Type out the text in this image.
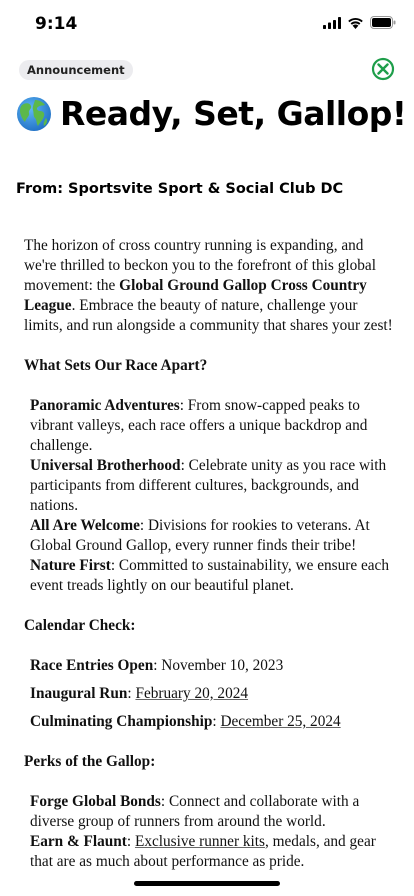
9:14
Announcement
Ready, Set, Gallop!
From: Sportsvite Sport & Social Club DC

The horizon of cross country running is expanding, and we're thrilled to beckon you to the forefront of this global movement: the Global Ground Gallop Cross Country League. Embrace the beauty of nature, challenge your limits, and run alongside a community that shares your zest!

What Sets Our Race Apart?

Panoramic Adventures: From snow-capped peaks to vibrant valleys, each race offers a unique backdrop and challenge.

Universal Brotherhood: Celebrate unity as you race with participants from different cultures, backgrounds, and nations.

All Are Welcome: Divisions for rookies to veterans. At Global Ground Gallop, every runner finds their tribe!

Nature First: Committed to sustainability, we ensure each event treads lightly on our beautiful planet.

Calendar Check:

Race Entries Open: November 10, 2023

Inaugural Run: February 20, 2024

Culminating Championship: December 25, 2024

Perks of the Gallop:

Forge Global Bonds: Connect and collaborate with a diverse group of runners from around the world.

Earn & Flaunt: Exclusive runner kits, medals, and gear that are as much about performance as pride.
